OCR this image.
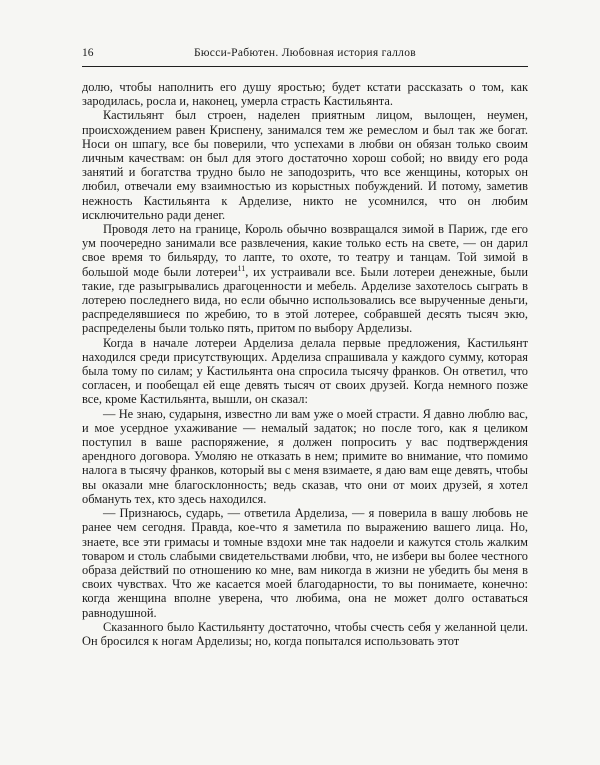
16	Бюсси-Рабютен. Любовная история галлов

долю, чтобы наполнить его душу яростью; будет кстати рассказать о том, как зародилась, росла и, наконец, умерла страсть Кастильянта.

Кастильянт был строен, наделен приятным лицом, вылощен, неумен, происхождением равен Криспену, занимался тем же ремеслом и был так же богат. Носи он шпагу, все бы поверили, что успехами в любви он обязан только своим личным качествам: он был для этого достаточно хорош собой; но ввиду его рода занятий и богатства трудно было не заподозрить, что все женщины, которых он любил, отвечали ему взаимностью из корыстных побуждений. И потому, заметив нежность Кастильянта к Арделизе, никто не усомнился, что он любим исключительно ради денег.

Проводя лето на границе, Король обычно возвращался зимой в Париж, где его ум поочередно занимали все развлечения, какие только есть на свете, — он дарил свое время то бильярду, то лапте, то охоте, то театру и танцам. Той зимой в большой моде были лотереи$^{11}$, их устраивали все. Были лотереи денежные, были такие, где разыгрывались драгоценности и мебель. Арделизе захотелось сыграть в лотерею последнего вида, но если обычно использовались все вырученные деньги, распределявшиеся по жребию, то в этой лотерее, собравшей десять тысяч экю, распределены были только пять, притом по выбору Арделизы.

Когда в начале лотереи Арделиза делала первые предложения, Кастильянт находился среди присутствующих. Арделиза спрашивала у каждого сумму, которая была тому по силам; у Кастильянта она спросила тысячу франков. Он ответил, что согласен, и пообещал ей еще девять тысяч от своих друзей. Когда немного позже все, кроме Кастильянта, вышли, он сказал:

— Не знаю, сударыня, известно ли вам уже о моей страсти. Я давно люблю вас, и мое усердное ухаживание — немалый задаток; но после того, как я целиком поступил в ваше распоряжение, я должен попросить у вас подтверждения арендного договора. Умоляю не отказать в нем; примите во внимание, что помимо налога в тысячу франков, который вы с меня взимаете, я даю вам еще девять, чтобы вы оказали мне благосклонность; ведь сказав, что они от моих друзей, я хотел обмануть тех, кто здесь находился.

— Признаюсь, сударь, — ответила Арделиза, — я поверила в вашу любовь не ранее чем сегодня. Правда, кое-что я заметила по выражению вашего лица. Но, знаете, все эти гримасы и томные вздохи мне так надоели и кажутся столь жалким товаром и столь слабыми свидетельствами любви, что, не избери вы более честного образа действий по отношению ко мне, вам никогда в жизни не убедить бы меня в своих чувствах. Что же касается моей благодарности, то вы понимаете, конечно: когда женщина вполне уверена, что любима, она не может долго оставаться равнодушной.

Сказанного было Кастильянту достаточно, чтобы счесть себя у желанной цели. Он бросился к ногам Арделизы; но, когда попытался использовать этот
